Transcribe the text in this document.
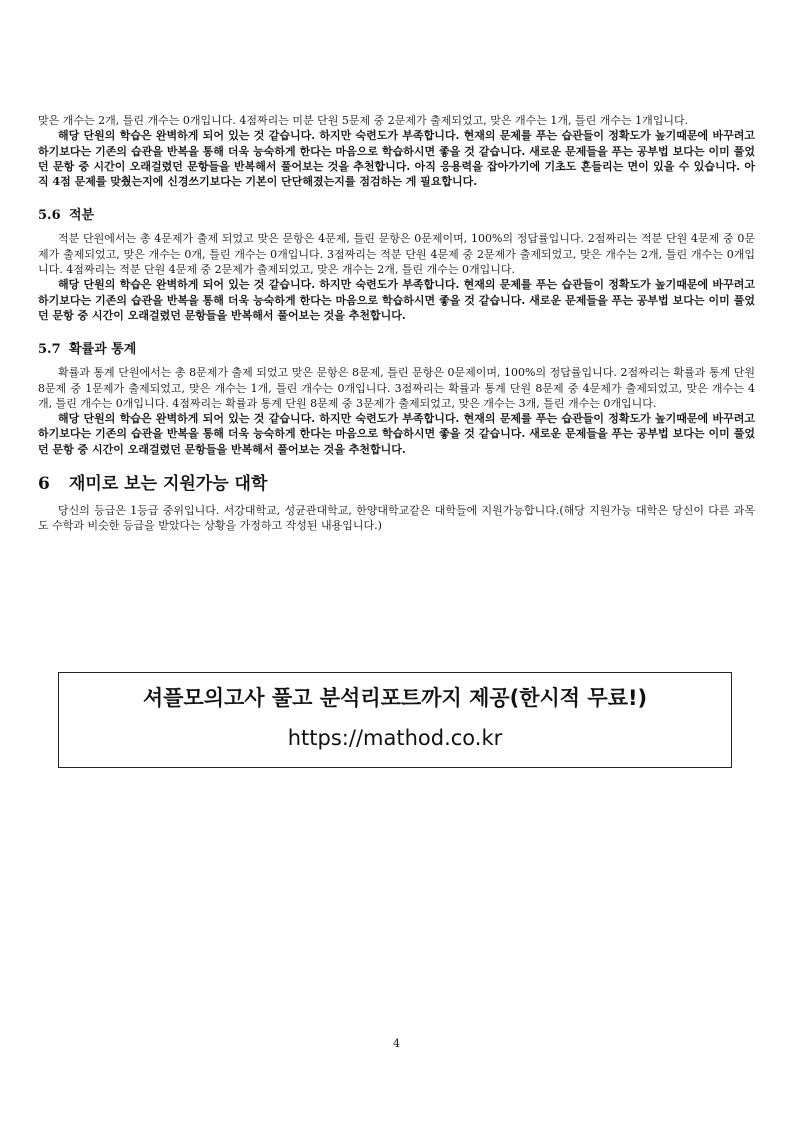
맞은 개수는 2개, 틀린 개수는 0개입니다. 4점짜리는 미분 단원 5문제 중 2문제가 출제되었고, 맞은 개수는 1개, 틀린 개수는 1개입니다.

해당 단원의 학습은 완벽하게 되어 있는 것 같습니다. 하지만 숙련도가 부족합니다. 현재의 문제를 푸는 습관들이 정확도가 높기때문에 바꾸려고 하기보다는 기존의 습관을 반복을 통해 더욱 능숙하게 한다는 마음으로 학습하시면 좋을 것 같습니다. 새로운 문제들을 푸는 공부법 보다는 이미 풀었던 문항 중 시간이 오래걸렸던 문항들을 반복해서 풀어보는 것을 추천합니다. 아직 응용력을 잡아가기에 기초도 흔들리는 면이 있을 수 있습니다. 아직 4점 문제를 맞췄는지에 신경쓰기보다는 기본이 단단해졌는지를 점검하는 게 필요합니다.

5.6 적분

적분 단원에서는 총 4문제가 출제 되었고 맞은 문항은 4문제, 틀린 문항은 0문제이며, 100%의 정답률입니다. 2점짜리는 적분 단원 4문제 중 0문제가 출제되었고, 맞은 개수는 0개, 틀린 개수는 0개입니다. 3점짜리는 적분 단원 4문제 중 2문제가 출제되었고, 맞은 개수는 2개, 틀린 개수는 0개입니다. 4점짜리는 적분 단원 4문제 중 2문제가 출제되었고, 맞은 개수는 2개, 틀린 개수는 0개입니다.

해당 단원의 학습은 완벽하게 되어 있는 것 같습니다. 하지만 숙련도가 부족합니다. 현재의 문제를 푸는 습관들이 정확도가 높기때문에 바꾸려고 하기보다는 기존의 습관을 반복을 통해 더욱 능숙하게 한다는 마음으로 학습하시면 좋을 것 같습니다. 새로운 문제들을 푸는 공부법 보다는 이미 풀었던 문항 중 시간이 오래걸렸던 문항들을 반복해서 풀어보는 것을 추천합니다.

5.7 확률과 통계

확률과 통계 단원에서는 총 8문제가 출제 되었고 맞은 문항은 8문제, 틀린 문항은 0문제이며, 100%의 정답률입니다. 2점짜리는 확률과 통계 단원 8문제 중 1문제가 출제되었고, 맞은 개수는 1개, 틀린 개수는 0개입니다. 3점짜리는 확률과 통계 단원 8문제 중 4문제가 출제되었고, 맞은 개수는 4개, 틀린 개수는 0개입니다. 4점짜리는 확률과 통계 단원 8문제 중 3문제가 출제되었고, 맞은 개수는 3개, 틀린 개수는 0개입니다.

해당 단원의 학습은 완벽하게 되어 있는 것 같습니다. 하지만 숙련도가 부족합니다. 현재의 문제를 푸는 습관들이 정확도가 높기때문에 바꾸려고 하기보다는 기존의 습관을 반복을 통해 더욱 능숙하게 한다는 마음으로 학습하시면 좋을 것 같습니다. 새로운 문제들을 푸는 공부법 보다는 이미 풀었던 문항 중 시간이 오래걸렸던 문항들을 반복해서 풀어보는 것을 추천합니다.

6 재미로 보는 지원가능 대학

당신의 등급은 1등급 중위입니다. 서강대학교, 성균관대학교, 한양대학교같은 대학들에 지원가능합니다.(해당 지원가능 대학은 당신이 다른 과목도 수학과 비슷한 등급을 받았다는 상황을 가정하고 작성된 내용입니다.)

셔플모의고사 풀고 분석리포트까지 제공(한시적 무료!)
https://mathod.co.kr
4
